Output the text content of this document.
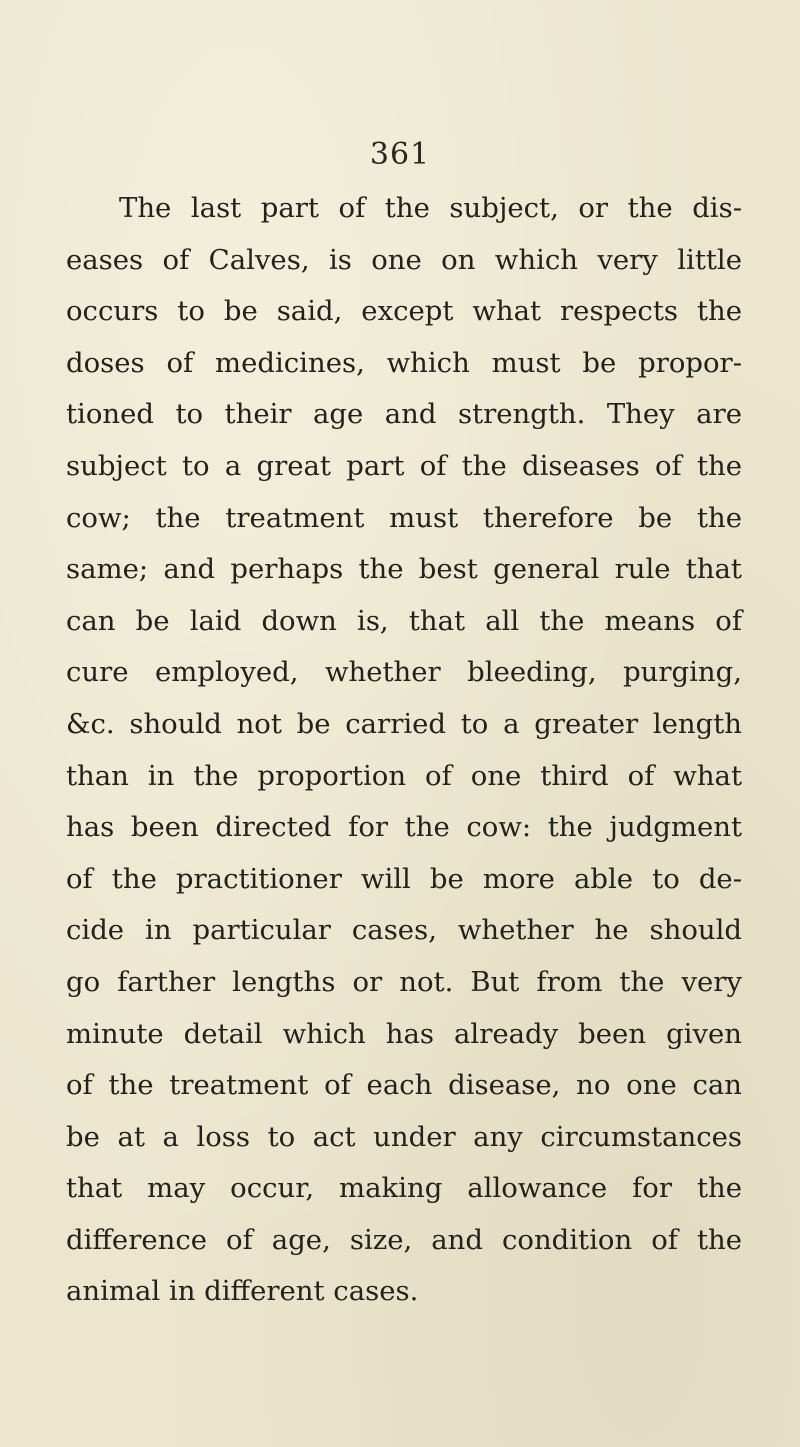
361
The last part of the subject, or the dis-
eases of Calves, is one on which very little
occurs to be said, except what respects the
doses of medicines, which must be propor-
tioned to their age and strength. They are
subject to a great part of the diseases of the
cow; the treatment must therefore be the
same; and perhaps the best general rule that
can be laid down is, that all the means of
cure employed, whether bleeding, purging,
&c. should not be carried to a greater length
than in the proportion of one third of what
has been directed for the cow: the judgment
of the practitioner will be more able to de-
cide in particular cases, whether he should
go farther lengths or not. But from the very
minute detail which has already been given
of the treatment of each disease, no one can
be at a loss to act under any circumstances
that may occur, making allowance for the
difference of age, size, and condition of the
animal in different cases.
